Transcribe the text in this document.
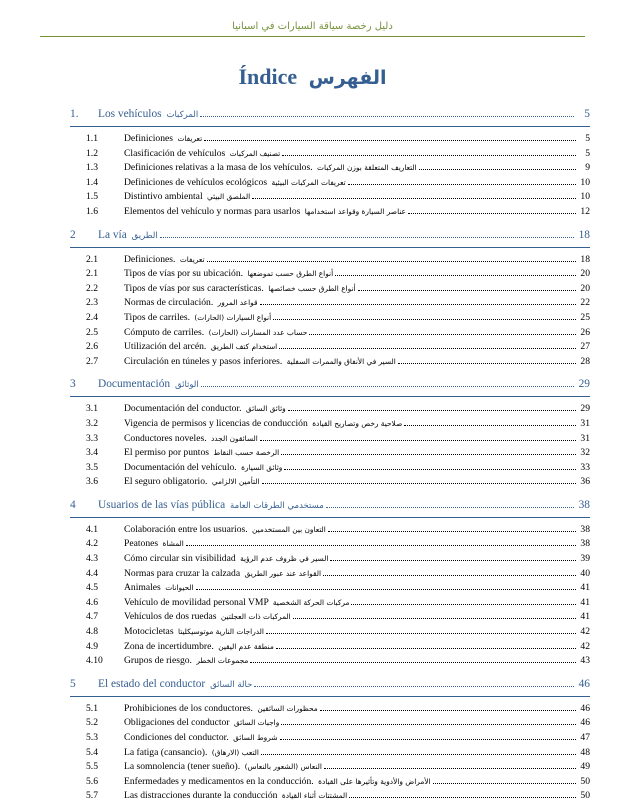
دليل رخصة سياقة السيارات في اسبانيا
Índice الفهرس
1.	Los vehículos المركبات	5
1.1	Definiciones تعريفات	5
1.2	Clasificación de vehículos تصنيف المركبات	5
1.3	Definiciones relativas a la masa de los vehículos. التعاريف المتعلقة بوزن المركبات	9
1.4	Definiciones de vehículos ecológicos تعريفات المركبات البيئية	10
1.5	Distintivo ambiental الملصق البيئي	10
1.6	Elementos del vehículo y normas para usarlos عناصر السيارة وقواعد استخدامها	12
2	La vía الطريق	18
2.1	Definiciones. تعريفات	18
2.1	Tipos de vías por su ubicación. أنواع الطرق حسب تموضعها	20
2.2	Tipos de vías por sus características. أنواع الطرق حسب خصائصها	20
2.3	Normas de circulación. قواعد المرور	22
2.4	Tipos de carriles. أنواع السيارات (الحارات)	25
2.5	Cómputo de carriles. حساب عدد المسارات (الحارات)	26
2.6	Utilización del arcén. استخدام كتف الطريق	27
2.7	Circulación en túneles y pasos inferiores. السير في الأنفاق والممرات السفلية	28
3	Documentación الوثائق	29
3.1	Documentación del conductor. وثائق السائق	29
3.2	Vigencia de permisos y licencias de conducción صلاحية رخص وتصاريح القيادة	31
3.3	Conductores noveles. السائقون الجدد	31
3.4	El permiso por puntos الرخصة حسب النقاط	32
3.5	Documentación del vehículo. وثائق السيارة	33
3.6	El seguro obligatorio. التأمين الالزامي	36
4	Usuarios de las vías pública مستخدمي الطرقات العامة	38
4.1	Colaboración entre los usuarios. التعاون بين المستخدمين	38
4.2	Peatones المشاة	38
4.3	Cómo circular sin visibilidad السير في ظروف عدم الرؤية	39
4.4	Normas para cruzar la calzada القواعد عند عبور الطريق	40
4.5	Animales الحيوانات	41
4.6	Vehículo de movilidad personal VMP مركبات الحركة الشخصية	41
4.7	Vehículos de dos ruedas المركبات ذات العجلتين	41
4.8	Motocicletas الدراجات النارية موتوسيكليتا	42
4.9	Zona de incertidumbre. منطقة عدم اليقين	42
4.10	Grupos de riesgo. مجموعات الخطر	43
5	El estado del conductor حالة السائق	46
5.1	Prohibiciones de los conductores. محظورات السائقين	46
5.2	Obligaciones del conductor واجبات السائق	46
5.3	Condiciones del conductor. شروط السائق	47
5.4	La fatiga (cansancio). التعب (الارهاق)	48
5.5	La somnolencia (tener sueño). النعاس (الشعور بالنعاس)	49
5.6	Enfermedades y medicamentos en la conducción. الأمراض والأدوية وتأثيرها على القيادة	50
5.7	Las distracciones durante la conducción المشتتات أثناء القيادة	50
